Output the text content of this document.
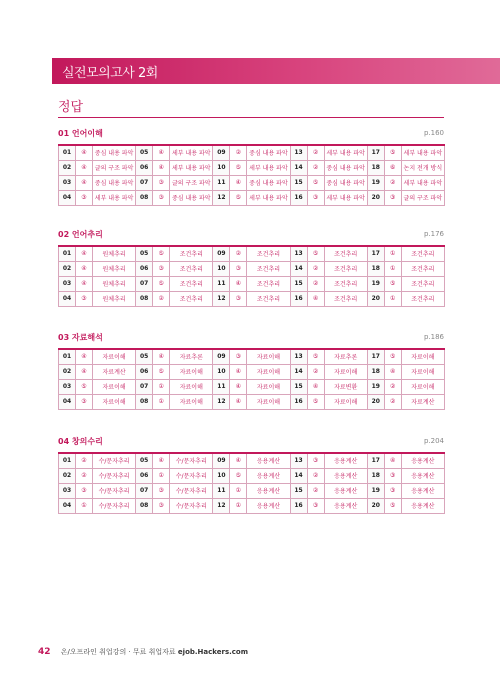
실전모의고사 2회
정답
01 언어이해	p.160
01	④	중심 내용 파악	05	④	세부 내용 파악	09	②	중심 내용 파악	13	②	세부 내용 파악	17	⑤	세부 내용 파악
02	④	글의 구조 파악	06	④	세부 내용 파악	10	⑤	세부 내용 파악	14	②	중심 내용 파악	18	⑥	논지 전개 방식
03	④	중심 내용 파악	07	③	글의 구조 파악	11	④	중심 내용 파악	15	⑤	중심 내용 파악	19	②	세부 내용 파악
04	③	세부 내용 파악	08	③	중심 내용 파악	12	⑤	세부 내용 파악	16	③	세부 내용 파악	20	③	글의 구조 파악
02 언어추리	p.176
01	④	원체추리	05	⑤	조건추리	09	②	조건추리	13	⑤	조건추리	17	①	조건추리
02	④	원체추리	06	③	조건추리	10	③	조건추리	14	②	조건추리	18	①	조건추리
03	④	원체추리	07	⑤	조건추리	11	④	조건추리	15	②	조건추리	19	⑤	조건추리
04	③	원체추리	08	②	조건추리	12	③	조건추리	16	④	조건추리	20	①	조건추리
03 자료해석	p.186
01	④	자료이해	05	④	자료추론	09	③	자료이해	13	⑤	자료추론	17	⑤	자료이해
02	④	자료계산	06	⑤	자료이해	10	④	자료이해	14	②	자료이해	18	④	자료이해
03	⑤	자료이해	07	①	자료이해	11	④	자료이해	15	④	자료변환	19	②	자료이해
04	③	자료이해	08	①	자료이해	12	④	자료이해	16	⑤	자료이해	20	②	자료계산
04 창의수리	p.204
01	②	수/문자추리	05	④	수/문자추리	09	④	응용계산	13	③	응용계산	17	④	응용계산
02	②	수/문자추리	06	①	수/문자추리	10	⑤	응용계산	14	②	응용계산	18	③	응용계산
03	③	수/문자추리	07	③	수/문자추리	11	①	응용계산	15	②	응용계산	19	③	응용계산
04	①	수/문자추리	08	③	수/문자추리	12	①	응용계산	16	③	응용계산	20	⑤	응용계산
42 온/오프라인 취업강의 · 무료 취업자료 ejob.Hackers.com
